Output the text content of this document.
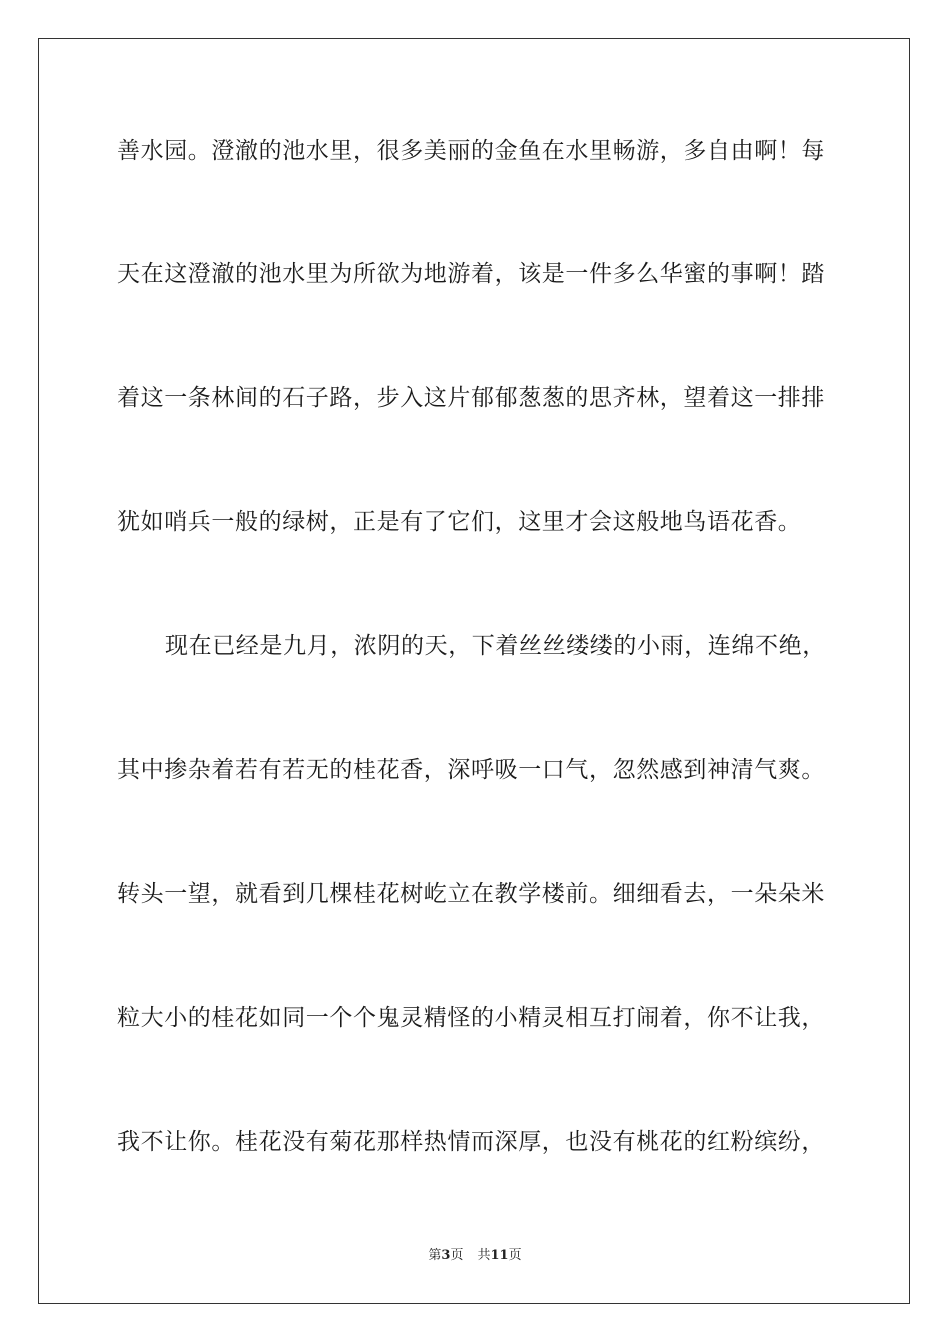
善水园。澄澈的池水里，很多美丽的金鱼在水里畅游，多自由啊！每
天在这澄澈的池水里为所欲为地游着，该是一件多么华蜜的事啊！踏
着这一条林间的石子路，步入这片郁郁葱葱的思齐林，望着这一排排
犹如哨兵一般的绿树，正是有了它们，这里才会这般地鸟语花香。
现在已经是九月，浓阴的天，下着丝丝缕缕的小雨，连绵不绝，
其中掺杂着若有若无的桂花香，深呼吸一口气，忽然感到神清气爽。
转头一望，就看到几棵桂花树屹立在教学楼前。细细看去，一朵朵米
粒大小的桂花如同一个个鬼灵精怪的小精灵相互打闹着，你不让我，
我不让你。桂花没有菊花那样热情而深厚，也没有桃花的红粉缤纷，
第3页 共11页
